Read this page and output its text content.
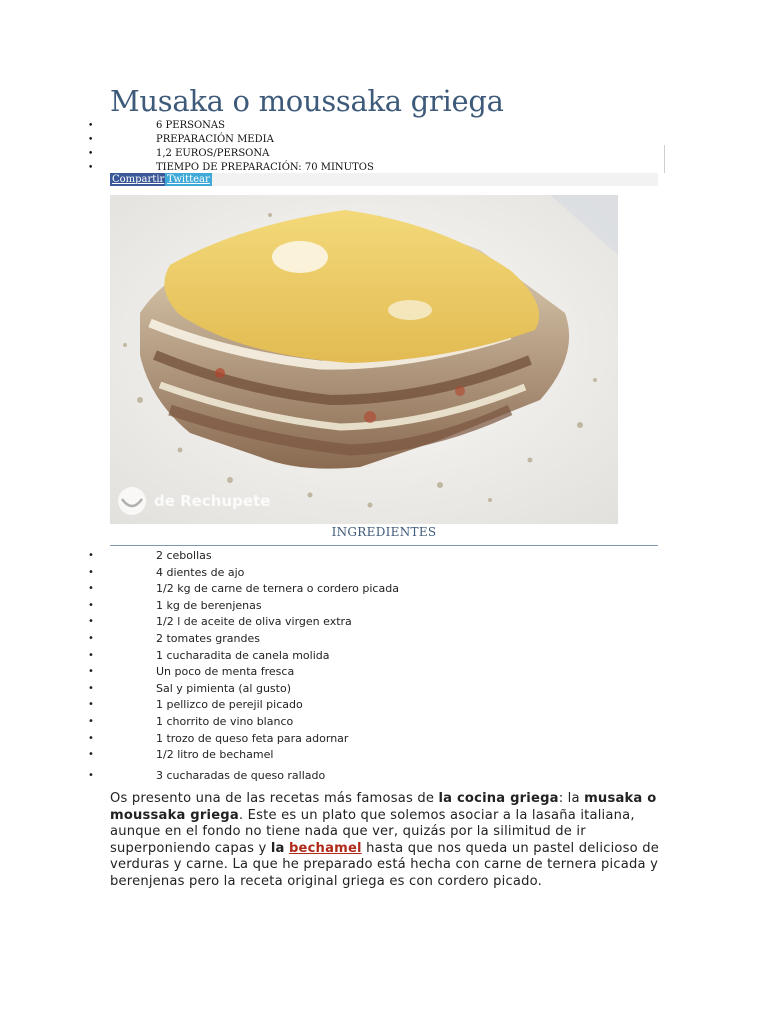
Musaka o moussaka griega
• 6 PERSONAS
• PREPARACIÓN MEDIA
• 1,2 EUROS/PERSONA
• TIEMPO DE PREPARACIÓN: 70 MINUTOS
Compartir Twittear
de Rechupete
INGREDIENTES
• 2 cebollas
• 4 dientes de ajo
• 1/2 kg de carne de ternera o cordero picada
• 1 kg de berenjenas
• 1/2 l de aceite de oliva virgen extra
• 2 tomates grandes
• 1 cucharadita de canela molida
• Un poco de menta fresca
• Sal y pimienta (al gusto)
• 1 pellizco de perejil picado
• 1 chorrito de vino blanco
• 1 trozo de queso feta para adornar
• 1/2 litro de bechamel
• 3 cucharadas de queso rallado

Os presento una de las recetas más famosas de la cocina griega: la musaka o moussaka griega. Este es un plato que solemos asociar a la lasaña italiana, aunque en el fondo no tiene nada que ver, quizás por la silimitud de ir superponiendo capas y la bechamel hasta que nos queda un pastel delicioso de verduras y carne. La que he preparado está hecha con carne de ternera picada y berenjenas pero la receta original griega es con cordero picado.
